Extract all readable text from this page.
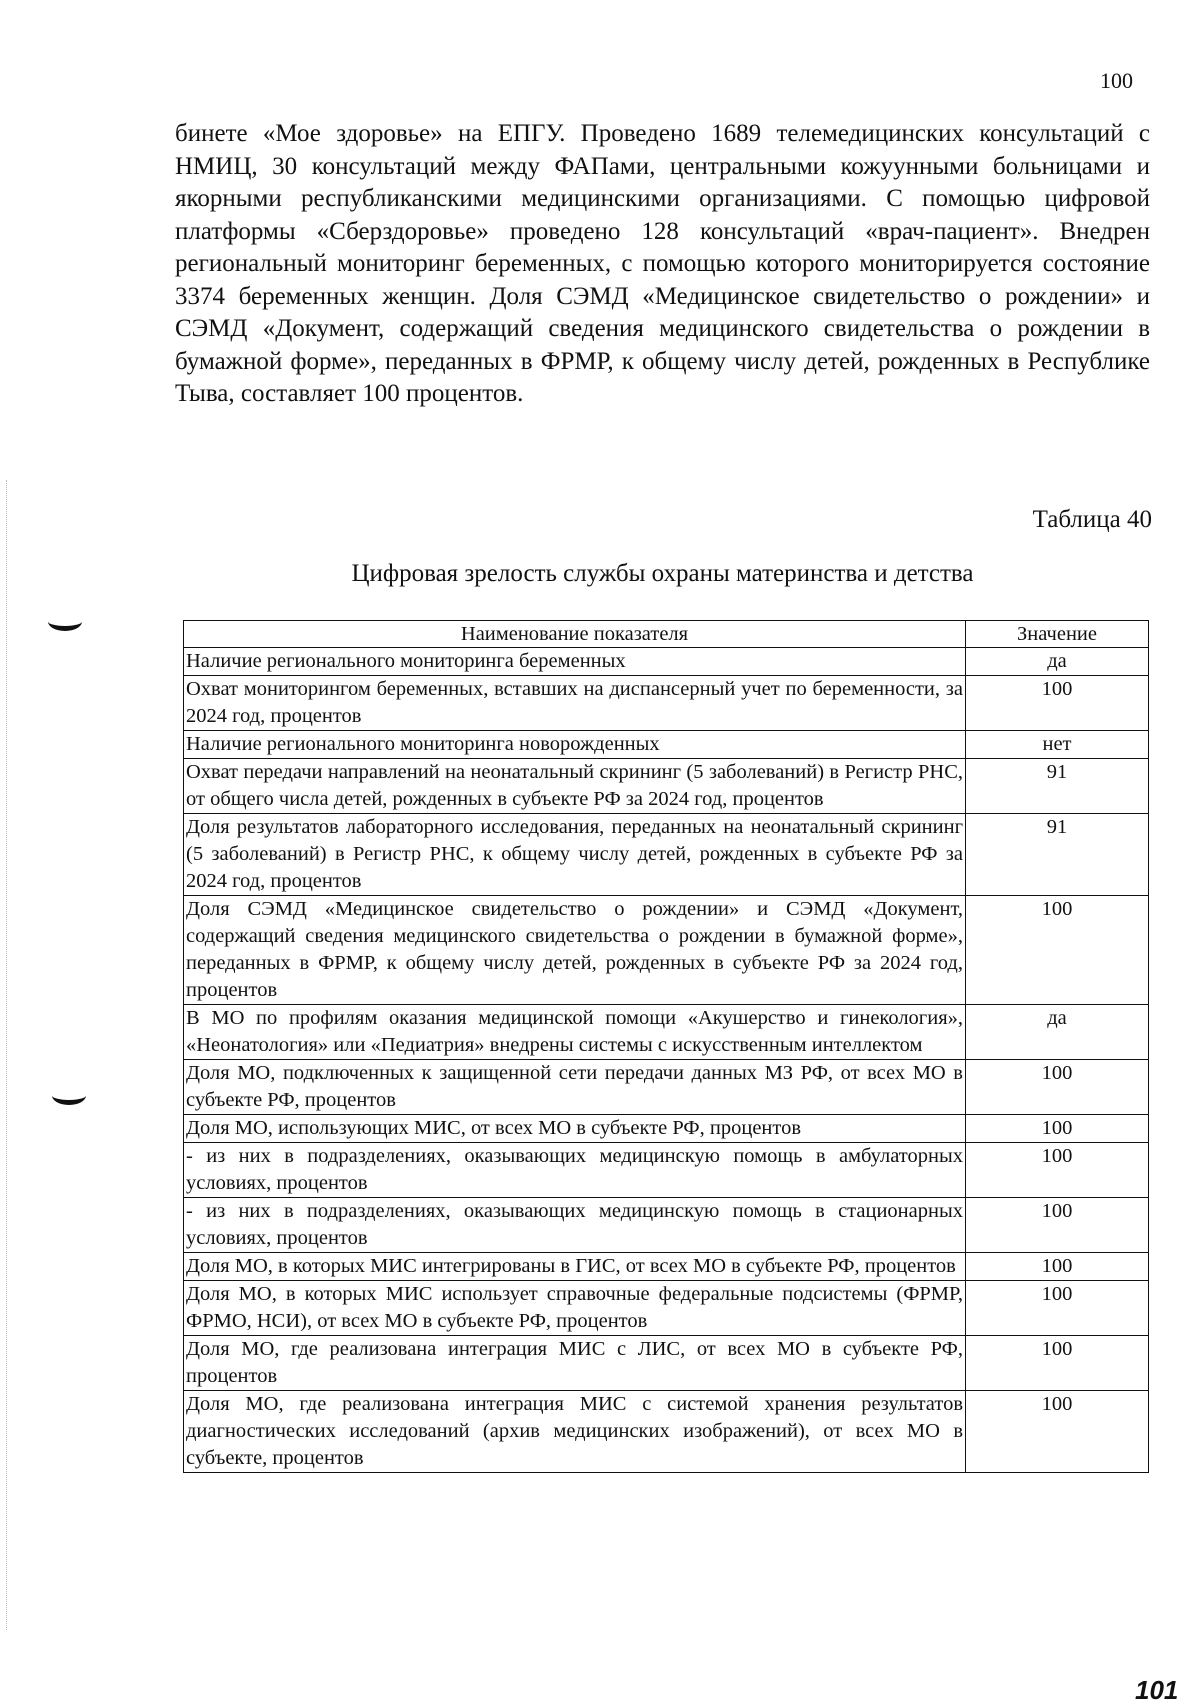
100

бинете «Мое здоровье» на ЕПГУ. Проведено 1689 телемедицинских консультаций с НМИЦ, 30 консультаций между ФАПами, центральными кожуунными больницами и якорными республиканскими медицинскими организациями. С помощью цифровой платформы «Сберздоровье» проведено 128 консультаций «врач-пациент». Внедрен региональный мониторинг беременных, с помощью которого мониторируется состояние 3374 беременных женщин. Доля СЭМД «Медицинское свидетельство о рождении» и СЭМД «Документ, содержащий сведения медицинского свидетельства о рождении в бумажной форме», переданных в ФРМР, к общему числу детей, рожденных в Республике Тыва, составляет 100 процентов.

Таблица 40
Цифровая зрелость службы охраны материнства и детства
Наименование показателя	Значение
Наличие регионального мониторинга беременных	да
Охват мониторингом беременных, вставших на диспансерный учет по беременности, за 2024 год, процентов	100
Наличие регионального мониторинга новорожденных	нет
Охват передачи направлений на неонатальный скрининг (5 заболеваний) в Регистр РНС, от общего числа детей, рожденных в субъекте РФ за 2024 год, процентов	91
Доля результатов лабораторного исследования, переданных на неонатальный скрининг (5 заболеваний) в Регистр РНС, к общему числу детей, рожденных в субъекте РФ за 2024 год, процентов	91
Доля СЭМД «Медицинское свидетельство о рождении» и СЭМД «Документ, содержащий сведения медицинского свидетельства о рождении в бумажной форме», переданных в ФРМР, к общему числу детей, рожденных в субъекте РФ за 2024 год, процентов	100
В МО по профилям оказания медицинской помощи «Акушерство и гинекология», «Неонатология» или «Педиатрия» внедрены системы с искусственным интеллектом	да
Доля МО, подключенных к защищенной сети передачи данных МЗ РФ, от всех МО в субъекте РФ, процентов	100
Доля МО, использующих МИС, от всех МО в субъекте РФ, процентов	100
- из них в подразделениях, оказывающих медицинскую помощь в амбулаторных условиях, процентов	100
- из них в подразделениях, оказывающих медицинскую помощь в стационарных условиях, процентов	100
Доля МО, в которых МИС интегрированы в ГИС, от всех МО в субъекте РФ, процентов	100
Доля МО, в которых МИС использует справочные федеральные подсистемы (ФРМР, ФРМО, НСИ), от всех МО в субъекте РФ, процентов	100
Доля МО, где реализована интеграция МИС с ЛИС, от всех МО в субъекте РФ, процентов	100
Доля МО, где реализована интеграция МИС с системой хранения результатов диагностических исследований (архив медицинских изображений), от всех МО в субъекте, процентов	100
101
